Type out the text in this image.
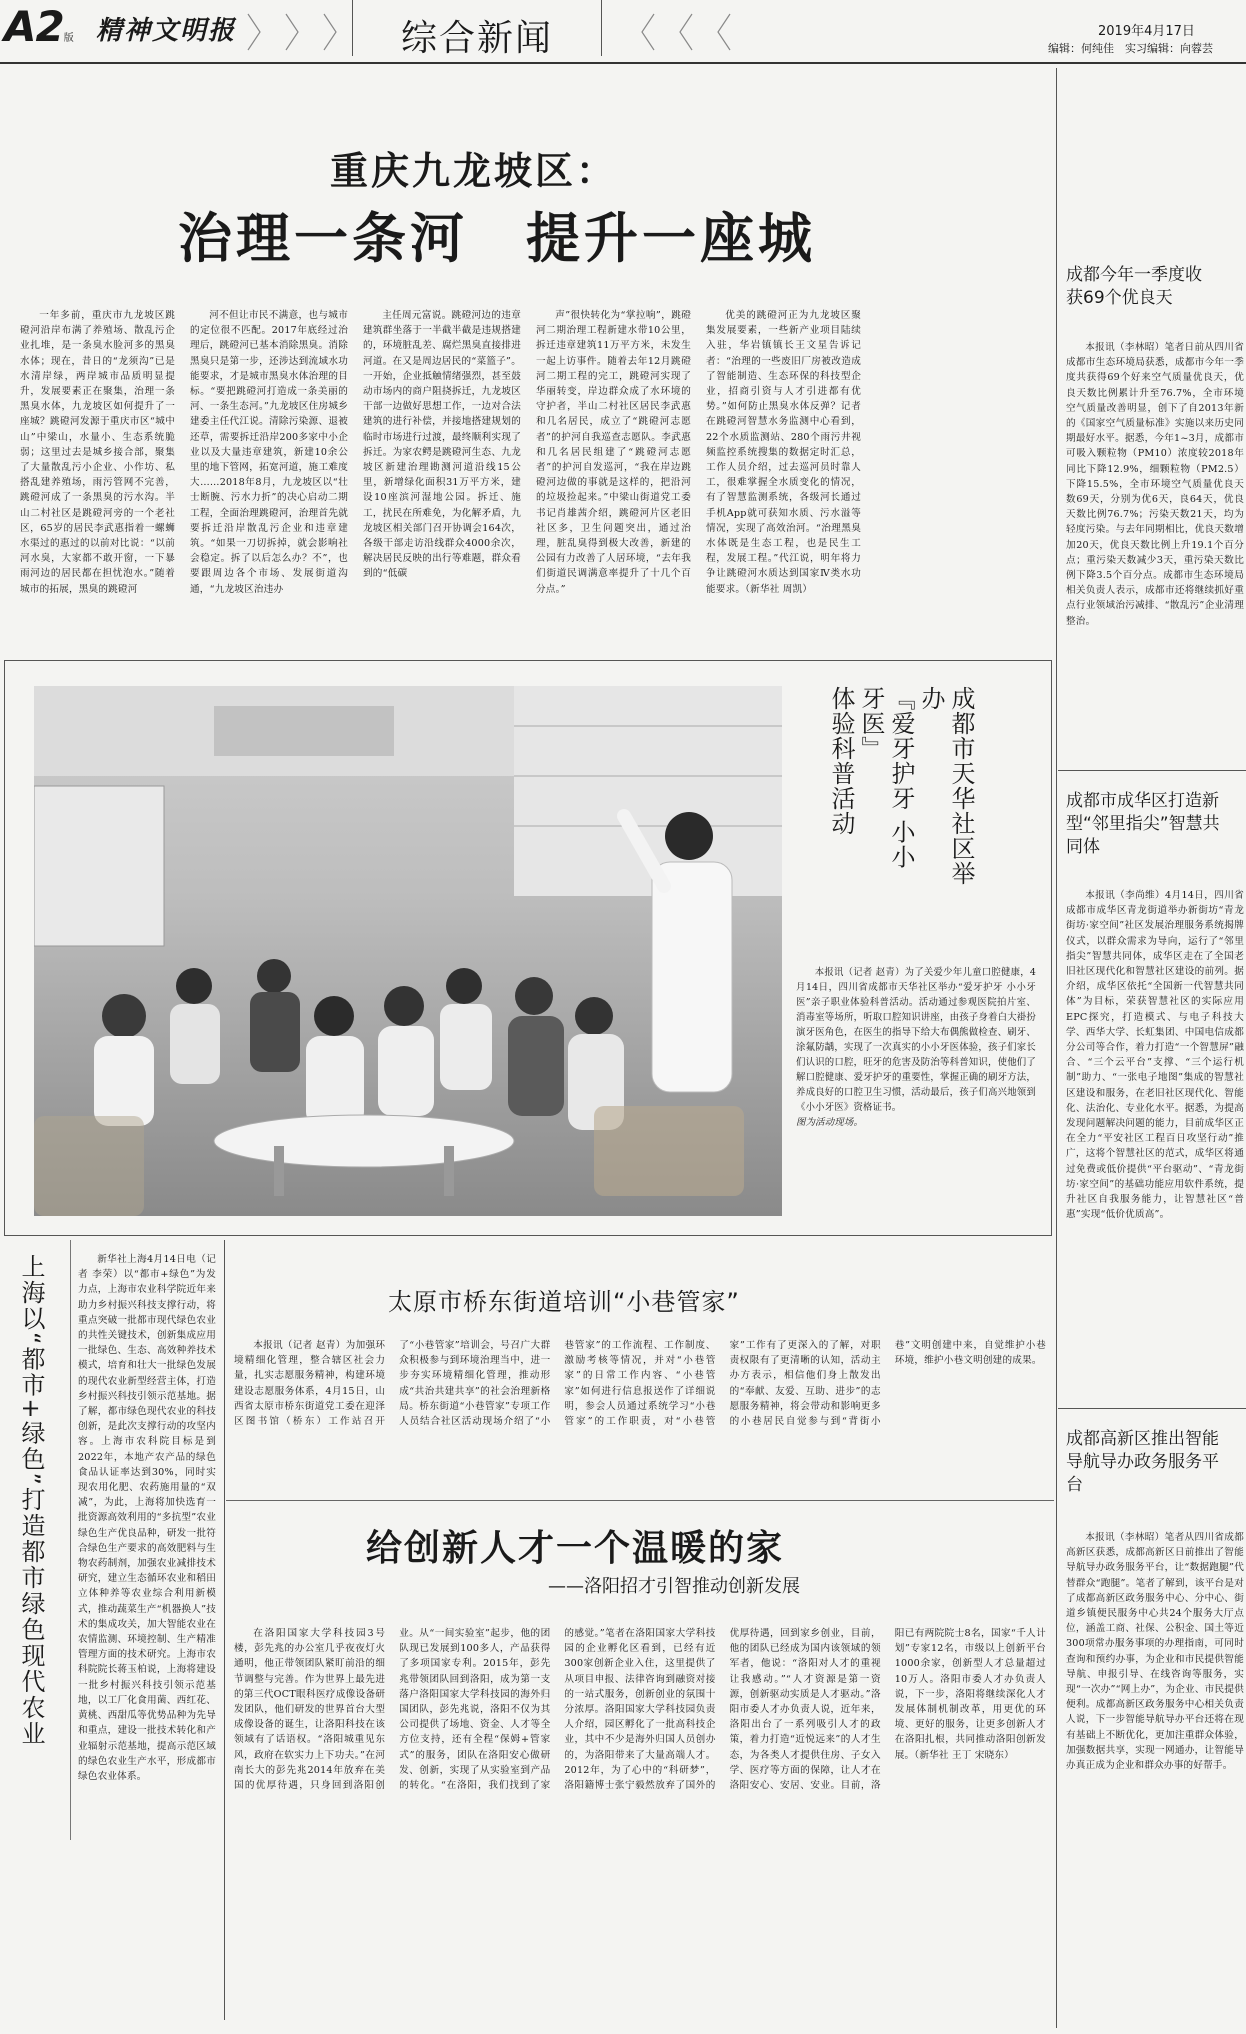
A2版 精神文明报	综合新闻	2019年4月17日
编辑：何纯佳　实习编辑：向蓉芸
重庆九龙坡区：
治理一条河　提升一座城

一年多前，重庆市九龙坡区跳磴河沿岸布满了养殖场、散乱污企业扎堆，是一条臭水脸河多的黑臭水体；现在，昔日的“龙须沟”已是水清岸绿，两岸城市品质明显提升，发展要素正在聚集，治理一条黑臭水体，九龙坡区如何提升了一座城？跳磴河发源于重庆市区“城中山”中梁山，水量小、生态系统脆弱；这里过去是城乡接合部，聚集了大量散乱污小企业、小作坊、私搭乱建养殖场，雨污管网不完善，跳磴河成了一条黑臭的污水沟。半山二村社区是跳磴河旁的一个老社区，65岁的居民李武惠指着一螺蛳水渠过的惠过的以前对比说：“以前河水臭，大家都不敢开窗，一下暴雨河边的居民都在担忧泡水。”随着城市的拓展，黑臭的跳磴河

河不但让市民不满意，也与城市的定位很不匹配。2017年底经过治理后，跳磴河已基本消除黑臭。消除黑臭只是第一步，还涉达到流域水功能要求，才是城市黑臭水体治理的目标。“要把跳磴河打造成一条美丽的河、一条生态河。”九龙坡区住房城乡建委主任代江说。清除污染源、退被还草，需要拆迁沿岸200多家中小企业以及大量违章建筑，新建10余公里的地下管网，拓宽河道，施工难度大……2018年8月，九龙坡区以“壮士断腕、污水力折”的决心启动二期工程，全面治理跳磴河，治理首先就要拆迁沿岸散乱污企业和违章建筑。“如果一刀切拆掉，就会影响社会稳定。拆了以后怎么办？不”，也要跟周边各个市场、发展街道沟通，“九龙坡区治违办

主任周元富说。跳磴河边的违章建筑群坐落于一半截半截是违规搭建的，环境脏乱差、腐烂黑臭直接排进河道。在又是周边居民的“菜篮子”。一开始，企业抵触情绪强烈，甚至鼓动市场内的商户阻挠拆迁，九龙坡区干部一边做好思想工作，一边对合法建筑的进行补偿，并接地搭建规划的临时市场进行过渡，最终顺利实现了拆迁。为家农鳄是跳磴河生态、九龙坡区新建治理勘测河道沿线15公里，新增绿化面积31万平方米，建设10座滨河湿地公园。拆迁、施工，扰民在所难免，为化解矛盾，九龙坡区相关部门召开协调会164次，各级干部走访沿线群众4000余次，解决居民反映的出行等难题，群众看到的“低碳

声”很快转化为“掌拉响”，跳磴河二期治理工程新建水带10公里，拆迁违章建筑11万平方米，未发生一起上访事件。随着去年12月跳磴河二期工程的完工，跳磴河实现了华丽转变，岸边群众成了水环境的守护者，半山二村社区居民李武惠和几名居民，成立了“跳磴河志愿者”的护河自我巡查志愿队。李武惠和几名居民组建了“跳磴河志愿者”的护河自发巡河，“我在岸边跳磴河边做的事就是这样的，把沿河的垃圾捡起来。”中梁山街道党工委书记肖雄茜介绍，跳磴河片区老旧社区多，卫生问题突出，通过治理，脏乱臭得到极大改善，新建的公园有力改善了人居环境，“去年我们街道民调满意率提升了十几个百分点。”

优美的跳磴河正为九龙坡区聚集发展要素，一些新产业项目陆续入驻，华岩镇镇长王文星告诉记者：“治理的一些废旧厂房被改造成了智能制造、生态环保的科技型企业，招商引资与人才引进都有优势。”如何防止黑臭水体反弹？记者在跳磴河智慧水务监测中心看到，22个水质监测站、280个雨污井视频监控系统搜集的数据定时汇总，工作人员介绍，过去巡河员时靠人工，很难掌握全水质变化的情况，有了智慧监测系统，各级河长通过手机App就可获知水质、污水溢等情况，实现了高效治河。“治理黑臭水体既是生态工程，也是民生工程，发展工程。”代江说，明年将力争让跳磴河水质达到国家Ⅳ类水功能要求。（新华社 周凯）

成都市天华社区举办
『爱牙护牙 小小牙医』
体验科普活动

本报讯（记者 赵青）为了关爱少年儿童口腔健康，4月14日，四川省成都市天华社区举办“爱牙护牙 小小牙医”亲子职业体验科普活动。活动通过参观医院拍片室、消毒室等场所，听取口腔知识讲座，由孩子身着白大褂扮演牙医角色，在医生的指导下给大布偶熊做检查、刷牙、涂氟防龋，实现了一次真实的小小牙医体验，孩子们家长们认识的口腔，旺牙的危害及防治等科普知识，使他们了解口腔健康、爱牙护牙的重要性，掌握正确的刷牙方法，养成良好的口腔卫生习惯，活动最后，孩子们高兴地领到《小小牙医》资格证书。

图为活动现场。
成都今年一季度收获69个优良天

本报讯（李林昭）笔者日前从四川省成都市生态环境局获悉，成都市今年一季度共获得69个好来空气质量优良天，优良天数比例累计升至76.7%，全市环境空气质量改善明显，创下了自2013年新的《国家空气质量标准》实施以来历史同期最好水平。据悉，今年1~3月，成都市可吸入颗粒物（PM10）浓度较2018年同比下降12.9%，细颗粒物（PM2.5）下降15.5%，全市环境空气质量优良天数69天，分别为优6天，良64天，优良天数比例76.7%；污染天数21天，均为轻度污染。与去年同期相比，优良天数增加20天，优良天数比例上升19.1个百分点；重污染天数减少3天，重污染天数比例下降3.5个百分点。成都市生态环境局相关负责人表示，成都市还将继续抓好重点行业领域治污减排、“散乱污”企业清理整治。

成都市成华区打造新型“邻里指尖”智慧共同体

本报讯（李尚维）4月14日，四川省成都市成华区青龙街道举办新街坊“青龙街坊·家空间”社区发展治理服务系统揭牌仪式，以群众需求为导向，运行了“邻里指尖”智慧共同体，成华区走在了全国老旧社区现代化和智慧社区建设的前列。据介绍，成华区依托“全国新一代智慧共同体”为目标，荣获智慧社区的实际应用EPC探究，打造模式、与电子科技大学、西华大学、长虹集团、中国电信成都分公司等合作，着力打造“一个智慧屏”融合、“三个云平台”支撑、“三个运行机制”助力、“一张电子地图”集成的智慧社区建设和服务，在老旧社区现代化、智能化、法治化、专业化水平。据悉，为提高发现问题解决问题的能力，目前成华区正在全力“平安社区工程百日攻坚行动”推广，这将个智慧社区的范式，成华区将通过免费或低价提供“平台驱动”、“青龙街坊·家空间”的基础功能应用软件系统，提升社区自我服务能力，让智慧社区“普惠”实现“低价优质高”。

成都高新区推出智能导航导办政务服务平台

本报讯（李林昭）笔者从四川省成都高新区获悉，成都高新区日前推出了智能导航导办政务服务平台，让“数据跑腿”代替群众“跑腿”。笔者了解到，该平台是对了成都高新区政务服务中心、分中心、街道乡镇便民服务中心共24个服务大厅点位，涵盖工商、社保、公积金、国土等近300项常办服务事项的办理指南，可同时查询和预约办事，为企业和市民提供智能导航、申报引导、在线咨询等服务，实现“一次办”“网上办”，为企业、市民提供便利。成都高新区政务服务中心相关负责人说，下一步智能导航导办平台还将在现有基础上不断优化，更加注重群众体验，加强数据共享，实现一网通办，让智能导办真正成为企业和群众办事的好帮手。

上海以“都市+绿色”打造都市绿色现代农业	新华社上海4月14日电（记者 李荣）以“都市+绿色”为发力点，上海市农业科学院近年来助力乡村振兴科技支撑行动，将重点突破一批都市现代绿色农业的共性关键技术，创新集成应用一批绿色、生态、高效种养技术模式，培育和壮大一批绿色发展的现代农业新型经营主体，打造乡村振兴科技引领示范基地。据了解，都市绿色现代农业的科技创新，是此次支撑行动的攻坚内容。上海市农科院目标是到2022年，本地产农产品的绿色食品认证率达到30%，同时实现农用化肥、农药施用量的“双减”，为此，上海将加快选育一批资源高效利用的“多抗型”农业绿色生产优良品种，研发一批符合绿色生产要求的高效肥料与生物农药制剂，加强农业减排技术研究，建立生态循环农业和稻田立体种养等农业综合利用新模式，推动蔬菜生产“机器换人”技术的集成攻关，加大智能农业在农情监测、环境控制、生产精准管理方面的技术研究。上海市农科院院长蒋玉柏说，上海将建设一批乡村振兴科技引领示范基地，以工厂化食用菌、西红花、黄桃、西甜瓜等优势品种为先导和重点，建设一批技术转化和产业辐射示范基地，提高示范区域的绿色农业生产水平，形成都市绿色农业体系。

太原市桥东街道培训“小巷管家”

本报讯（记者 赵青）为加强环境精细化管理，整合辖区社会力量，扎实志愿服务精神，构建环境建设志愿服务体系，4月15日，山西省太原市桥东街道党工委在迎泽区图书馆（桥东）工作站召开了“小巷管家”培训会，号召广大群众积极参与到环境治理当中，进一步夯实环境精细化管理，推动形成“共治共建共享”的社会治理新格局。桥东街道“小巷管家”专项工作人员结合社区活动现场介绍了“小巷管家”的工作流程、工作制度、激励考核等情况，并对“小巷管家”的日常工作内容、“小巷管家”如何进行信息报送作了详细说明，参会人员通过系统学习“小巷管家”的工作职责，对“小巷管家”工作有了更深入的了解，对职责权限有了更清晰的认知，活动主办方表示，相信他们身上散发出的“奉献、友爱、互助、进步”的志愿服务精神，将会带动和影响更多的小巷居民自觉参与到“背街小巷”文明创建中来，自觉维护小巷环境，维护小巷文明创建的成果。

给创新人才一个温暖的家
——洛阳招才引智推动创新发展

在洛阳国家大学科技园3号楼，彭先兆的办公室几乎夜夜灯火通明，他正带领团队紧盯前沿的细节调整与完善。作为世界上最先进的第三代OCT眼科医疗成像设备研发团队，他们研发的世界首台大型成像设备的诞生，让洛阳科技在该领域有了话语权。“洛阳城重见东风，政府在软实力上下功夫。”在河南长大的彭先兆2014年放弃在美国的优厚待遇，只身回到洛阳创业。从“一间实验室”起步，他的团队现已发展到100多人，产品获得了多项国家专利。2015年，彭先兆带领团队回到洛阳，成为第一支落户洛阳国家大学科技园的海外归国团队，彭先兆说，洛阳不仅为其公司提供了场地、资金、人才等全方位支持，还有全程“保姆+管家式”的服务，团队在洛阳安心做研发、创新，实现了从实验室到产品的转化。“在洛阳，我们找到了家的感觉。”笔者在洛阳国家大学科技园的企业孵化区看到，已经有近300家创新企业入住，这里提供了从项目申报、法律咨询到融资对接的一站式服务，创新创业的氛围十分浓厚。洛阳国家大学科技园负责人介绍，园区孵化了一批高科技企业，其中不少是海外归国人员创办的，为洛阳带来了大量高端人才。2012年，为了心中的“科研梦”，洛阳籍博士张宁毅然放弃了国外的优厚待遇，回到家乡创业，目前，他的团队已经成为国内该领域的领军者，他说：“洛阳对人才的重视让我感动。”“人才资源是第一资源，创新驱动实质是人才驱动。”洛阳市委人才办负责人说，近年来，洛阳出台了一系列吸引人才的政策，着力打造“近悦远来”的人才生态，为各类人才提供住房、子女入学、医疗等方面的保障，让人才在洛阳安心、安居、安业。目前，洛阳已有两院院士8名，国家“千人计划”专家12名，市级以上创新平台1000余家，创新型人才总量超过10万人。洛阳市委人才办负责人说，下一步，洛阳将继续深化人才发展体制机制改革，用更优的环境、更好的服务，让更多创新人才在洛阳扎根，共同推动洛阳创新发展。（新华社 王丁 宋晓东）
